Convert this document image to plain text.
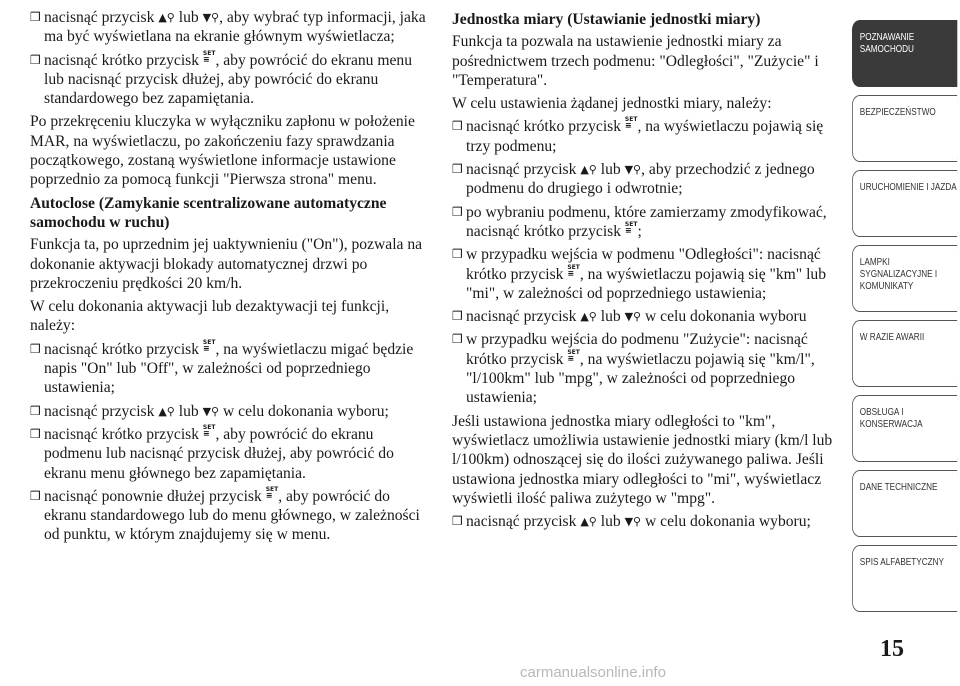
❒ nacisnąć przycisk ▲⚲ lub ▼⚲, aby wybrać typ informacji, jaka ma być wyświetlana na ekranie głównym wyświetlacza;
❒ nacisnąć krótko przycisk SET
≡ , aby powrócić do ekranu menu lub nacisnąć przycisk dłużej, aby powrócić do ekranu standardowego bez zapamiętania.
Po przekręceniu kluczyka w wyłączniku zapłonu w położenie MAR, na wyświetlaczu, po zakończeniu fazy sprawdzania początkowego, zostaną wyświetlone informacje ustawione poprzednio za pomocą funkcji "Pierwsza strona" menu.
Autoclose (Zamykanie scentralizowane automatyczne samochodu w ruchu)
Funkcja ta, po uprzednim jej uaktywnieniu ("On"), pozwala na dokonanie aktywacji blokady automatycznej drzwi po przekroczeniu prędkości 20 km/h.
W celu dokonania aktywacji lub dezaktywacji tej funkcji, należy:
❒ nacisnąć krótko przycisk SET
≡ , na wyświetlaczu migać będzie napis "On" lub "Off", w zależności od poprzedniego ustawienia;
❒ nacisnąć przycisk ▲⚲ lub ▼⚲ w celu dokonania wyboru;
❒ nacisnąć krótko przycisk SET
≡ , aby powrócić do ekranu podmenu lub nacisnąć przycisk dłużej, aby powrócić do ekranu menu głównego bez zapamiętania.
❒ nacisnąć ponownie dłużej przycisk SET
≡ , aby powrócić do ekranu standardowego lub do menu głównego, w zależności od punktu, w którym znajdujemy się w menu.
Jednostka miary (Ustawianie jednostki miary)
Funkcja ta pozwala na ustawienie jednostki miary za pośrednictwem trzech podmenu: "Odległości", "Zużycie" i "Temperatura".
W celu ustawienia żądanej jednostki miary, należy:
❒ nacisnąć krótko przycisk SET
≡ , na wyświetlaczu pojawią się trzy podmenu;
❒ nacisnąć przycisk ▲⚲ lub ▼⚲, aby przechodzić z jednego podmenu do drugiego i odwrotnie;
❒ po wybraniu podmenu, które zamierzamy zmodyfikować, nacisnąć krótko przycisk SET
≡ ;
❒ w przypadku wejścia w podmenu "Odległości": nacisnąć krótko przycisk SET
≡ , na wyświetlaczu pojawią się "km" lub "mi", w zależności od poprzedniego ustawienia;
❒ nacisnąć przycisk ▲⚲ lub ▼⚲ w celu dokonania wyboru
❒ w przypadku wejścia do podmenu "Zużycie": nacisnąć krótko przycisk SET
≡ , na wyświetlaczu pojawią się "km/l", "l/100km" lub "mpg", w zależności od poprzedniego ustawienia;
Jeśli ustawiona jednostka miary odległości to "km", wyświetlacz umożliwia ustawienie jednostki miary (km/l lub l/100km) odnoszącej się do ilości zużywanego paliwa. Jeśli ustawiona jednostka miary odległości to "mi", wyświetlacz wyświetli ilość paliwa zużytego w "mpg".
❒ nacisnąć przycisk ▲⚲ lub ▼⚲ w celu dokonania wyboru;
POZNAWANIE SAMOCHODU
BEZPIECZEŃSTWO
URUCHOMIENIE I JAZDA
LAMPKI SYGNALIZACYJNE I KOMUNIKATY
W RAZIE AWARII
OBSŁUGA I KONSERWACJA
DANE TECHNICZNE
SPIS ALFABETYCZNY
15
carmanualsonline.info
